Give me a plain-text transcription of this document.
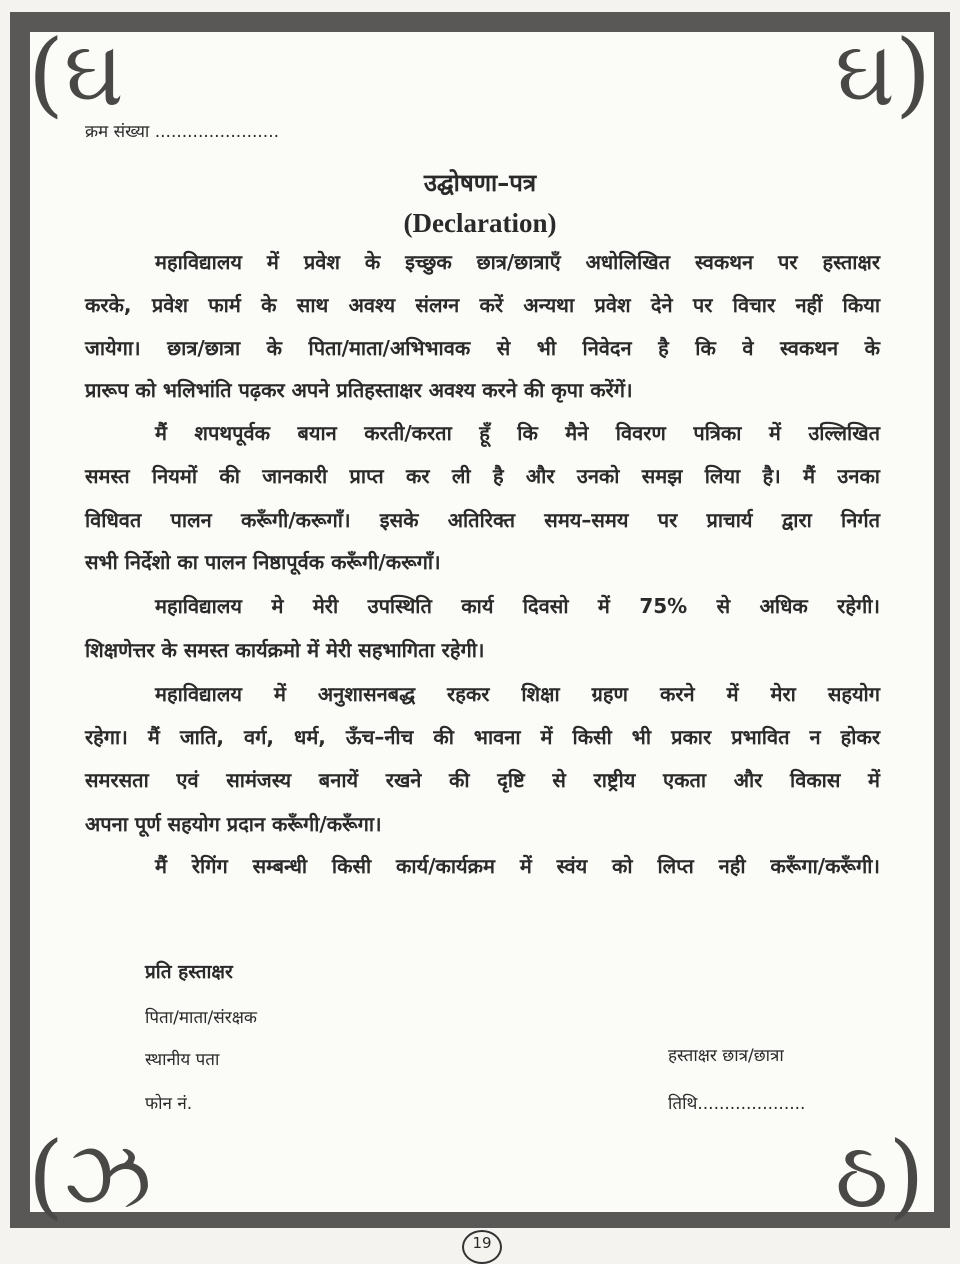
(ઘ	ઘ)
(ઝ	ઠ)
क्रम संख्या .......................
उद्घोषणा–पत्र
(Declaration)
महाविद्यालय में प्रवेश के इच्छुक छात्र/छात्राएँ अधोलिखित स्वकथन पर हस्ताक्षर
करके, प्रवेश फार्म के साथ अवश्य संलग्न करें अन्यथा प्रवेश देने पर विचार नहीं किया
जायेगा। छात्र/छात्रा के पिता/माता/अभिभावक से भी निवेदन है कि वे स्वकथन के
प्रारूप को भलिभांति पढ़कर अपने प्रतिहस्ताक्षर अवश्य करने की कृपा करेंगें।
मैं शपथपूर्वक बयान करती/करता हूँ कि मैने विवरण पत्रिका में उल्लिखित
समस्त नियमों की जानकारी प्राप्त कर ली है और उनको समझ लिया है। मैं उनका
विधिवत पालन करूँगी/करूगाँ। इसके अतिरिक्त समय–समय पर प्राचार्य द्वारा निर्गत
सभी निर्देशो का पालन निष्ठापूर्वक करूँगी/करूगाँ।
महाविद्यालय मे मेरी उपस्थिति कार्य दिवसो में 75% से अधिक रहेगी।
शिक्षणेत्तर के समस्त कार्यक्रमो में मेरी सहभागिता रहेगी।
महाविद्यालय में अनुशासनबद्ध रहकर शिक्षा ग्रहण करने में मेरा सहयोग
रहेगा। मैं जाति, वर्ग, धर्म, ऊँच–नीच की भावना में किसी भी प्रकार प्रभावित न होकर
समरसता एवं सामंजस्य बनायें रखने की दृष्टि से राष्ट्रीय एकता और विकास में
अपना पूर्ण सहयोग प्रदान करूँगी/करूँगा।
मैं रेगिंग सम्बन्धी किसी कार्य/कार्यक्रम में स्वंय को लिप्त नही करूँगा/करूँगी।
प्रति हस्ताक्षर
पिता/माता/संरक्षक
स्थानीय पता
फोन नं.
हस्ताक्षर छात्र/छात्रा
तिथि....................
19
